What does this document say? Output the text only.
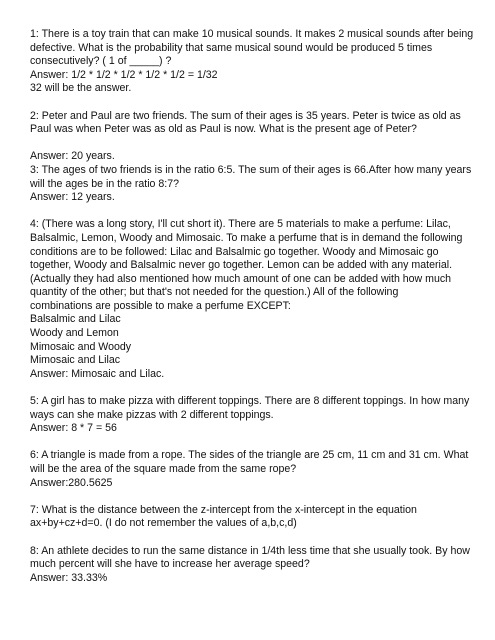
1: There is a toy train that can make 10 musical sounds. It makes 2 musical sounds after being
defective. What is the probability that same musical sound would be produced 5 times
consecutively? ( 1 of _____) ?
Answer: 1/2 * 1/2 * 1/2 * 1/2 * 1/2 = 1/32
32 will be the answer.
2: Peter and Paul are two friends. The sum of their ages is 35 years. Peter is twice as old as
Paul was when Peter was as old as Paul is now. What is the present age of Peter?
Answer: 20 years.
3: The ages of two friends is in the ratio 6:5. The sum of their ages is 66.After how many years
will the ages be in the ratio 8:7?
Answer: 12 years.
4: (There was a long story, I'll cut short it). There are 5 materials to make a perfume: Lilac,
Balsalmic, Lemon, Woody and Mimosaic. To make a perfume that is in demand the following
conditions are to be followed: Lilac and Balsalmic go together. Woody and Mimosaic go
together, Woody and Balsalmic never go together. Lemon can be added with any material.
(Actually they had also mentioned how much amount of one can be added with how much
quantity of the other; but that's not needed for the question.) All of the following
combinations are possible to make a perfume EXCEPT:
Balsalmic and Lilac
Woody and Lemon
Mimosaic and Woody
Mimosaic and Lilac
Answer: Mimosaic and Lilac.
5: A girl has to make pizza with different toppings. There are 8 different toppings. In how many
ways can she make pizzas with 2 different toppings.
Answer: 8 * 7 = 56
6: A triangle is made from a rope. The sides of the triangle are 25 cm, 11 cm and 31 cm. What
will be the area of the square made from the same rope?
Answer:280.5625
7: What is the distance between the z-intercept from the x-intercept in the equation
ax+by+cz+d=0. (I do not remember the values of a,b,c,d)
8: An athlete decides to run the same distance in 1/4th less time that she usually took. By how
much percent will she have to increase her average speed?
Answer: 33.33%
